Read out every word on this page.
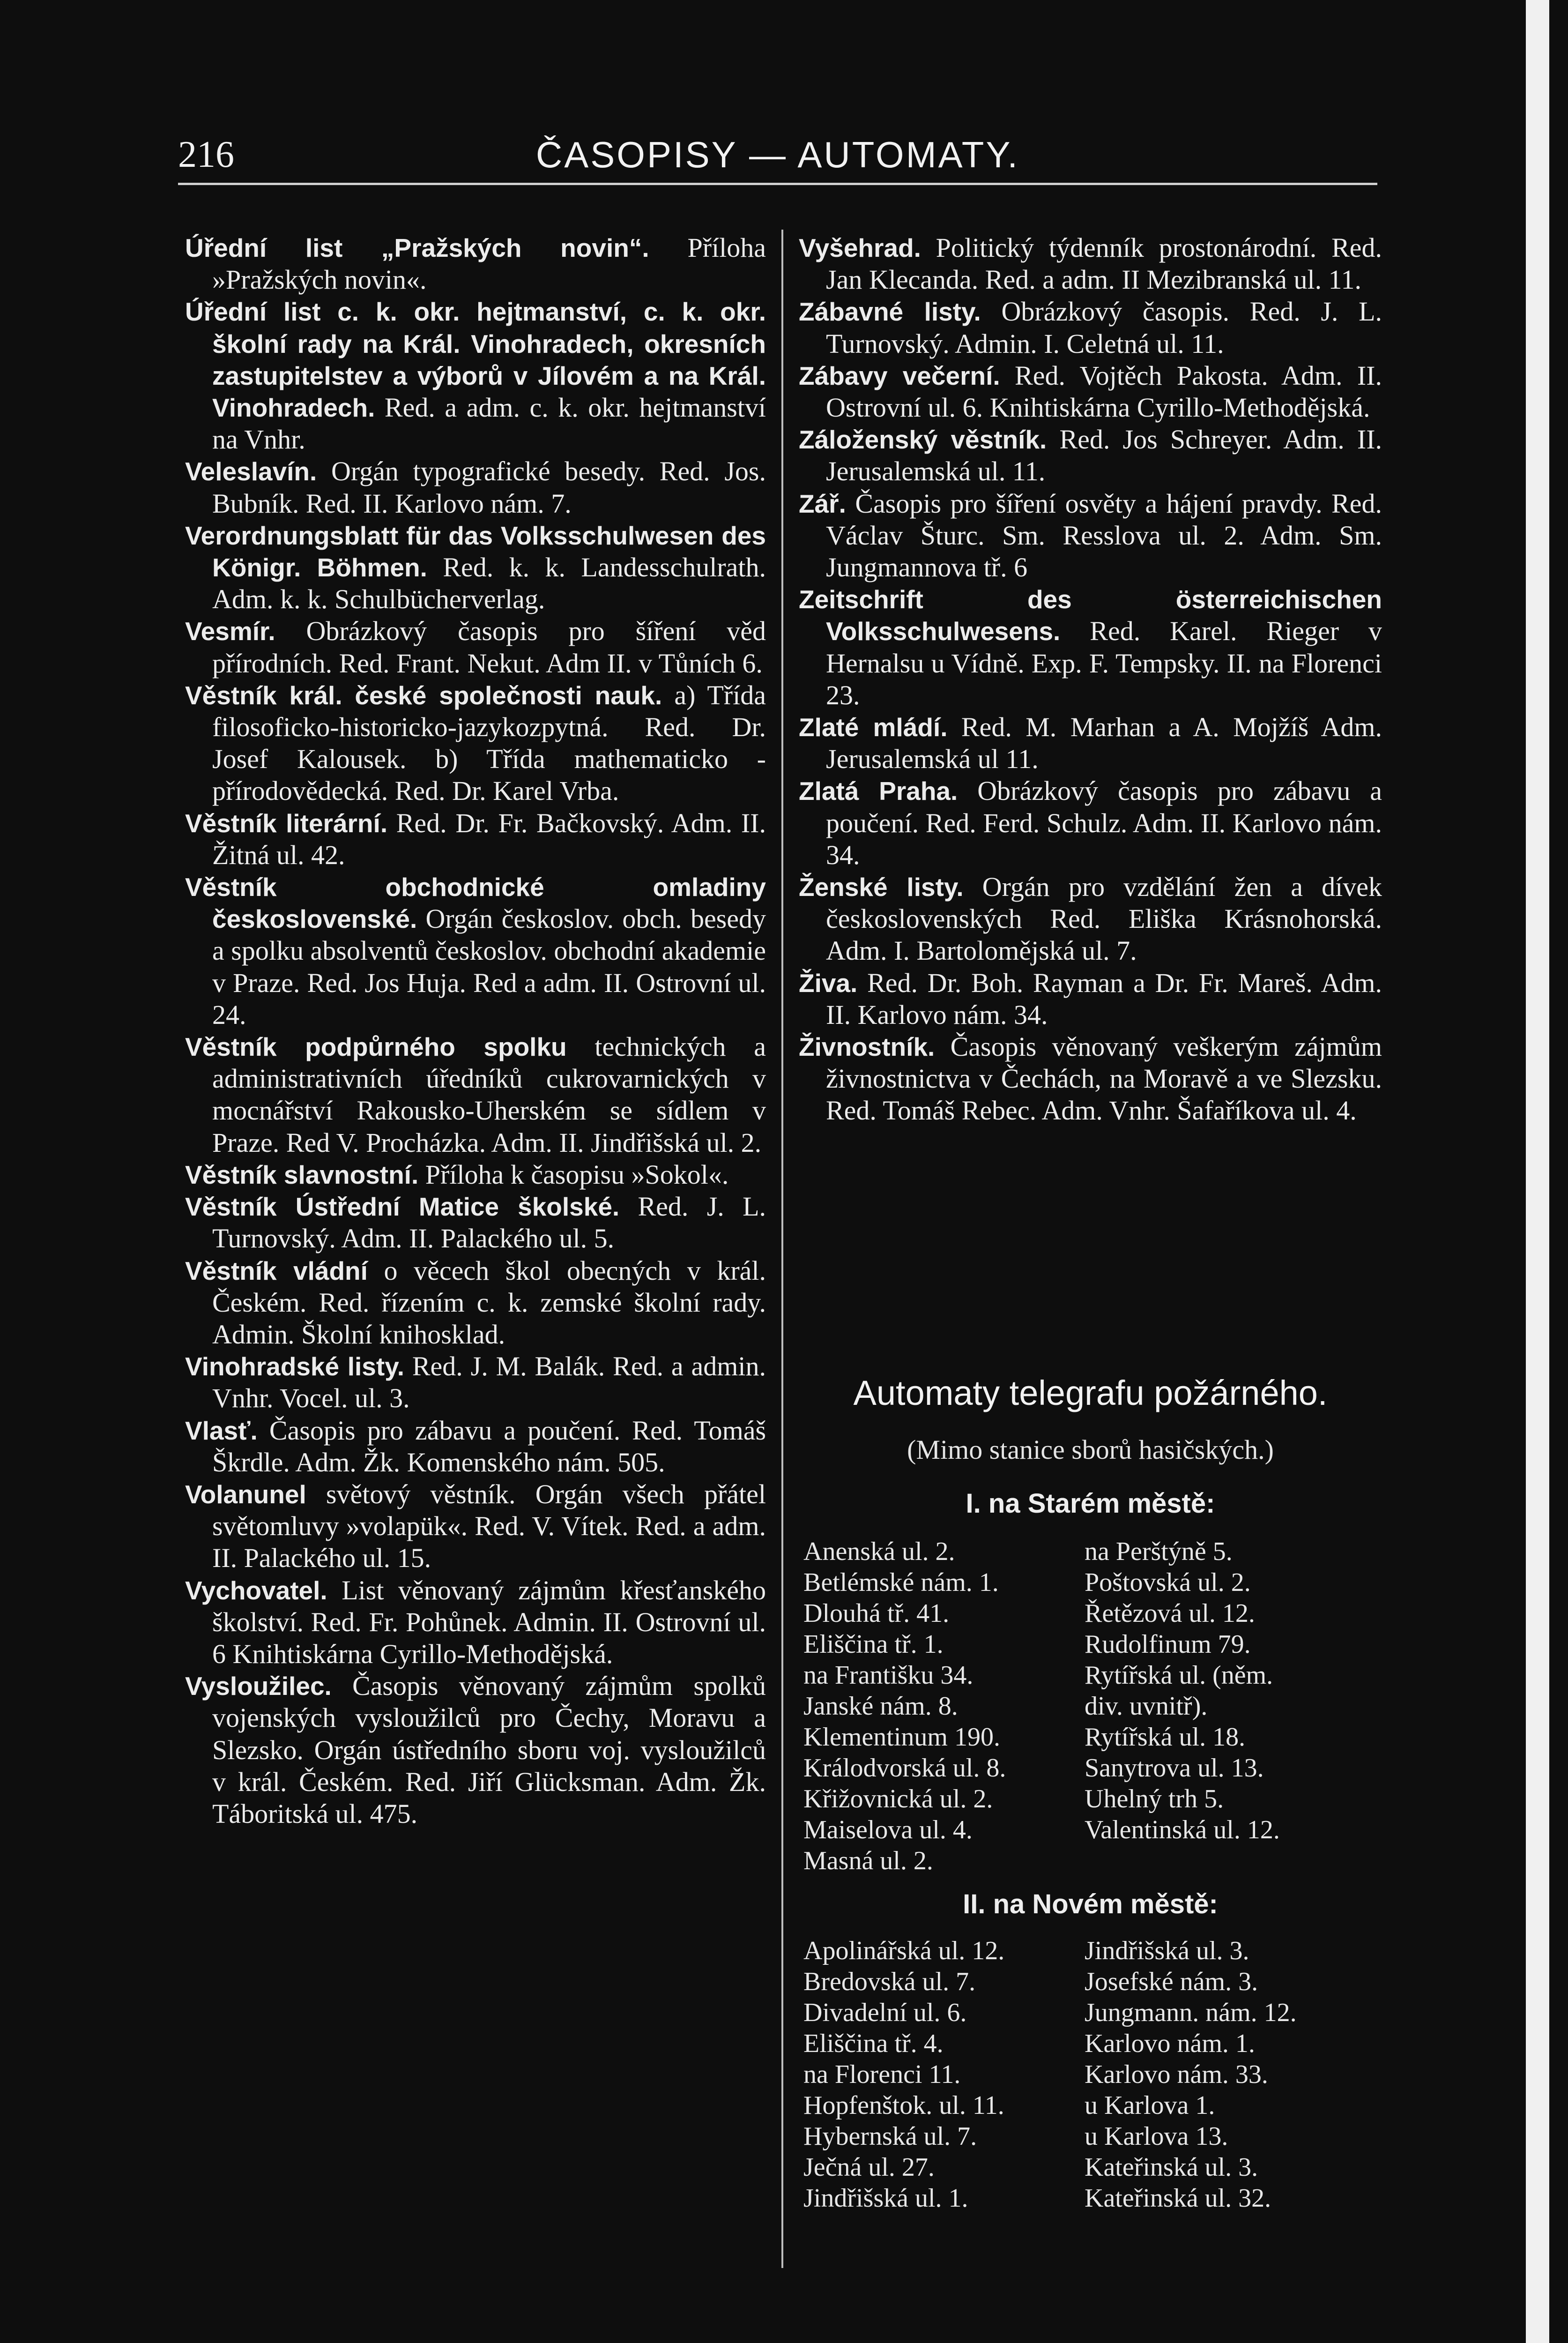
216	ČASOPISY — AUTOMATY.

Úřední list „Pražských novin“. Příloha »Pražských novin«.

Úřední list c. k. okr. hejtmanství, c. k. okr. školní rady na Král. Vinohradech, okresních zastupitelstev a výborů v Jílovém a na Král. Vinohradech. Red. a adm. c. k. okr. hejtmanství na Vnhr.

Veleslavín. Orgán typografické besedy. Red. Jos. Bubník. Red. II. Karlovo nám. 7.

Verordnungsblatt für das Volksschulwesen des Königr. Böhmen. Red. k. k. Landesschulrath. Adm. k. k. Schulbücherverlag.

Vesmír. Obrázkový časopis pro šíření věd přírodních. Red. Frant. Nekut. Adm II. v Tůních 6.

Věstník král. české společnosti nauk. a) Třída filosoficko-historicko-jazykozpytná. Red. Dr. Josef Kalousek. b) Třída mathematicko - přírodovědecká. Red. Dr. Karel Vrba.

Věstník literární. Red. Dr. Fr. Bačkovský. Adm. II. Žitná ul. 42.

Věstník obchodnické omladiny československé. Orgán českoslov. obch. besedy a spolku absolventů českoslov. obchodní akademie v Praze. Red. Jos Huja. Red a adm. II. Ostrovní ul. 24.

Věstník podpůrného spolku technických a administrativních úředníků cukrovarnických v mocnářství Rakousko-Uherském se sídlem v Praze. Red V. Procházka. Adm. II. Jindřišská ul. 2.

Věstník slavnostní. Příloha k časopisu »Sokol«.

Věstník Ústřední Matice školské. Red. J. L. Turnovský. Adm. II. Palackého ul. 5.

Věstník vládní o věcech škol obecných v král. Českém. Red. řízením c. k. zemské školní rady. Admin. Školní knihosklad.

Vinohradské listy. Red. J. M. Balák. Red. a admin. Vnhr. Vocel. ul. 3.

Vlasť. Časopis pro zábavu a poučení. Red. Tomáš Škrdle. Adm. Žk. Komenského nám. 505.

Volanunel světový věstník. Orgán všech přátel světomluvy »volapük«. Red. V. Vítek. Red. a adm. II. Palackého ul. 15.

Vychovatel. List věnovaný zájmům křesťanského školství. Red. Fr. Pohůnek. Admin. II. Ostrovní ul. 6 Knihtiskárna Cyrillo-Methodějská.

Vysloužilec. Časopis věnovaný zájmům spolků vojenských vysloužilců pro Čechy, Moravu a Slezsko. Orgán ústředního sboru voj. vysloužilců v král. Českém. Red. Jiří Glücksman. Adm. Žk. Táboritská ul. 475.

Vyšehrad. Politický týdenník prostonárodní. Red. Jan Klecanda. Red. a adm. II Mezibranská ul. 11.

Zábavné listy. Obrázkový časopis. Red. J. L. Turnovský. Admin. I. Celetná ul. 11.

Zábavy večerní. Red. Vojtěch Pakosta. Adm. II. Ostrovní ul. 6. Knihtiskárna Cyrillo-Methodějská.

Záloženský věstník. Red. Jos Schreyer. Adm. II. Jerusalemská ul. 11.

Zář. Časopis pro šíření osvěty a hájení pravdy. Red. Václav Šturc. Sm. Resslova ul. 2. Adm. Sm. Jungmannova tř. 6

Zeitschrift des österreichischen Volksschulwesens. Red. Karel. Rieger v Hernalsu u Vídně. Exp. F. Tempsky. II. na Florenci 23.

Zlaté mládí. Red. M. Marhan a A. Mojžíš Adm. Jerusalemská ul 11.

Zlatá Praha. Obrázkový časopis pro zábavu a poučení. Red. Ferd. Schulz. Adm. II. Karlovo nám. 34.

Ženské listy. Orgán pro vzdělání žen a dívek československých Red. Eliška Krásnohorská. Adm. I. Bartolomějská ul. 7.

Živa. Red. Dr. Boh. Rayman a Dr. Fr. Mareš. Adm. II. Karlovo nám. 34.

Živnostník. Časopis věnovaný veškerým zájmům živnostnictva v Čechách, na Moravě a ve Slezsku. Red. Tomáš Rebec. Adm. Vnhr. Šafaříkova ul. 4.

Automaty telegrafu požárného.
(Mimo stanice sborů hasičských.)
I. na Starém městě:
Anenská ul. 2.	na Perštýně 5.
Betlémské nám. 1.	Poštovská ul. 2.
Dlouhá tř. 41.	Řetězová ul. 12.
Eliščina tř. 1.	Rudolfinum 79.
na Františku 34.	Rytířská ul. (něm.
Janské nám. 8.	div. uvnitř).
Klementinum 190.	Rytířská ul. 18.
Králodvorská ul. 8.	Sanytrova ul. 13.
Křižovnická ul. 2.	Uhelný trh 5.
Maiselova ul. 4.	Valentinská ul. 12.
Masná ul. 2.
II. na Novém městě:
Apolinářská ul. 12.	Jindřišská ul. 3.
Bredovská ul. 7.	Josefské nám. 3.
Divadelní ul. 6.	Jungmann. nám. 12.
Eliščina tř. 4.	Karlovo nám. 1.
na Florenci 11.	Karlovo nám. 33.
Hopfenštok. ul. 11.	u Karlova 1.
Hybernská ul. 7.	u Karlova 13.
Ječná ul. 27.	Kateřinská ul. 3.
Jindřišská ul. 1.	Kateřinská ul. 32.
